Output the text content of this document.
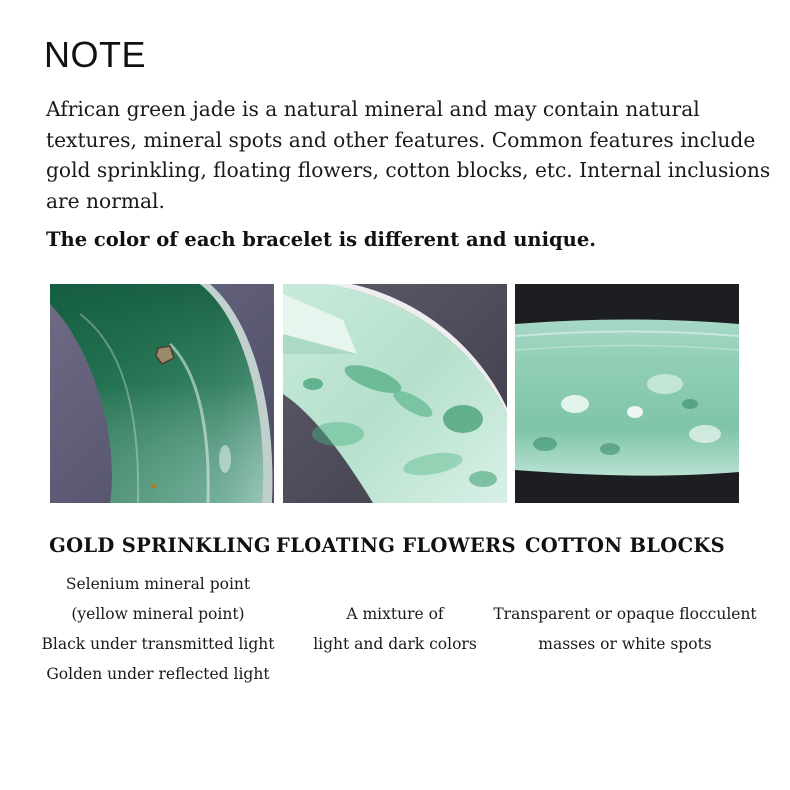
NOTE

African green jade is a natural mineral and may contain natural textures, mineral spots and other features. Common features include gold sprinkling, floating flowers, cotton blocks, etc. Internal inclusions are normal.

The color of each bracelet is different and unique.

GOLD SPRINKLING FLOATING FLOWERS COTTON BLOCKS
Selenium mineral point
(yellow mineral point)
Black under transmitted light
Golden under reflected light
A mixture of
light and dark colors
Transparent or opaque flocculent
masses or white spots
